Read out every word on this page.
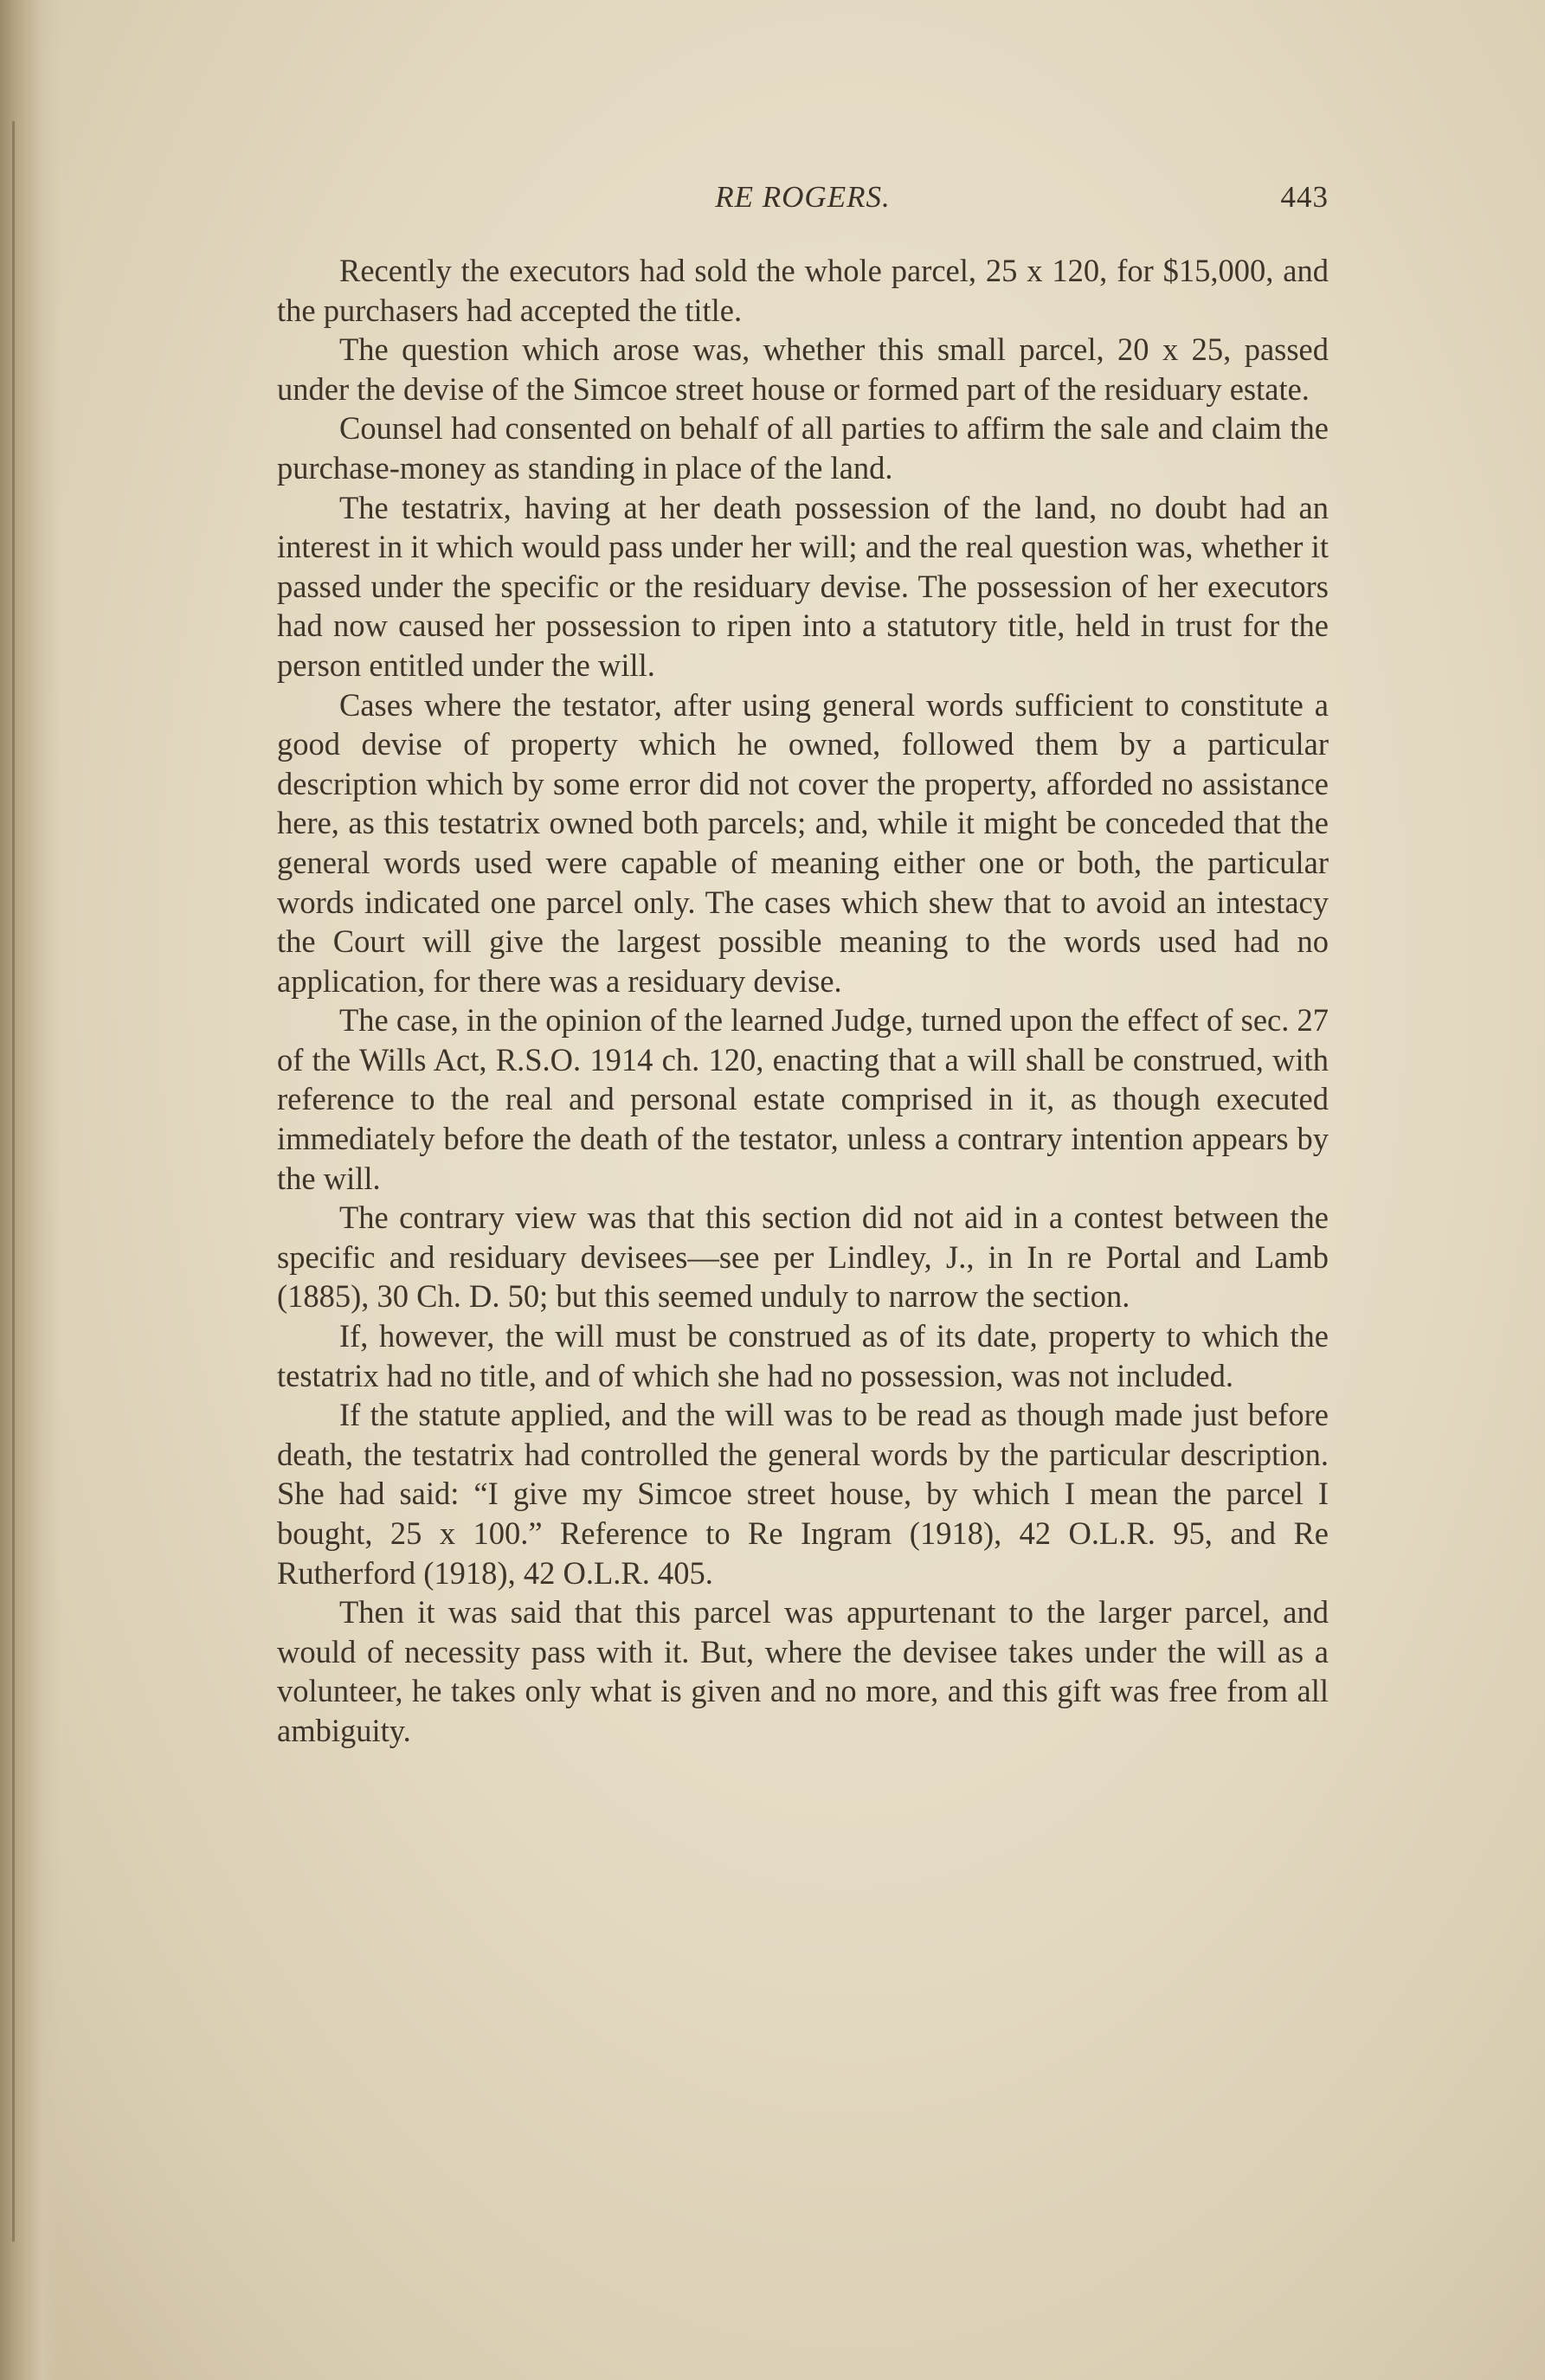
RE ROGERS.	443

Recently the executors had sold the whole parcel, 25 x 120, for $15,000, and the purchasers had accepted the title.

The question which arose was, whether this small parcel, 20 x 25, passed under the devise of the Simcoe street house or formed part of the residuary estate.

Counsel had consented on behalf of all parties to affirm the sale and claim the purchase-money as standing in place of the land.

The testatrix, having at her death possession of the land, no doubt had an interest in it which would pass under her will; and the real question was, whether it passed under the specific or the residuary devise. The possession of her executors had now caused her possession to ripen into a statutory title, held in trust for the person entitled under the will.

Cases where the testator, after using general words sufficient to constitute a good devise of property which he owned, followed them by a particular description which by some error did not cover the property, afforded no assistance here, as this testatrix owned both parcels; and, while it might be conceded that the general words used were capable of meaning either one or both, the particular words indicated one parcel only. The cases which shew that to avoid an intestacy the Court will give the largest possible meaning to the words used had no application, for there was a residuary devise.

The case, in the opinion of the learned Judge, turned upon the effect of sec. 27 of the Wills Act, R.S.O. 1914 ch. 120, enacting that a will shall be construed, with reference to the real and personal estate comprised in it, as though executed immediately before the death of the testator, unless a contrary intention appears by the will.

The contrary view was that this section did not aid in a contest between the specific and residuary devisees—see per Lindley, J., in In re Portal and Lamb (1885), 30 Ch. D. 50; but this seemed unduly to narrow the section.

If, however, the will must be construed as of its date, property to which the testatrix had no title, and of which she had no possession, was not included.

If the statute applied, and the will was to be read as though made just before death, the testatrix had controlled the general words by the particular description. She had said: “I give my Simcoe street house, by which I mean the parcel I bought, 25 x 100.” Reference to Re Ingram (1918), 42 O.L.R. 95, and Re Rutherford (1918), 42 O.L.R. 405.

Then it was said that this parcel was appurtenant to the larger parcel, and would of necessity pass with it. But, where the devisee takes under the will as a volunteer, he takes only what is given and no more, and this gift was free from all ambiguity.
